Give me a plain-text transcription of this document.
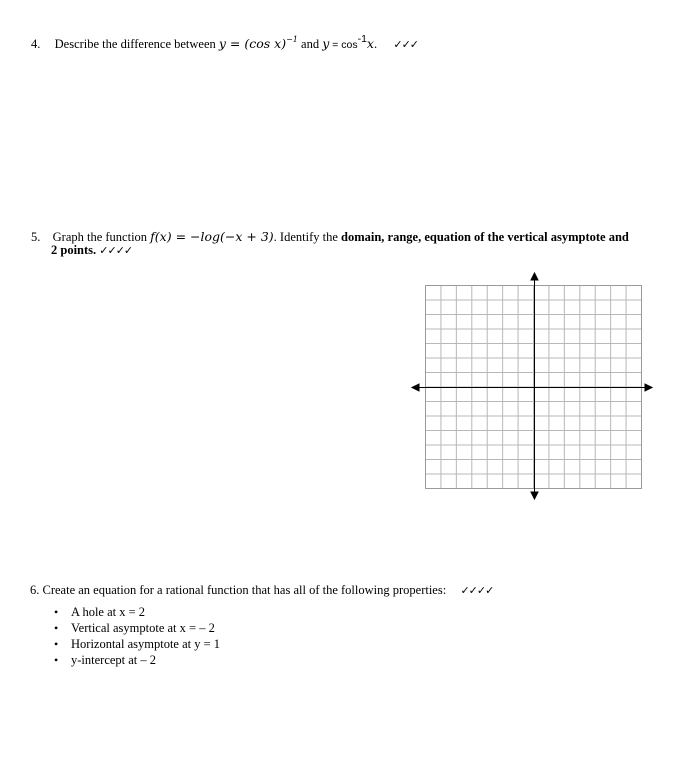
4. Describe the difference between y = (cos x)$^{-1}$ and $y = \cos^{-1}x$. ✓✓✓
5. Graph the function f(x) = −log(−x + 3). Identify the domain, range, equation of the vertical asymptote and
2 points. ✓✓✓✓
6. Create an equation for a rational function that has all of the following properties: ✓✓✓✓
• A hole at x = 2
• Vertical asymptote at x = – 2
• Horizontal asymptote at y = 1
• y-intercept at – 2
